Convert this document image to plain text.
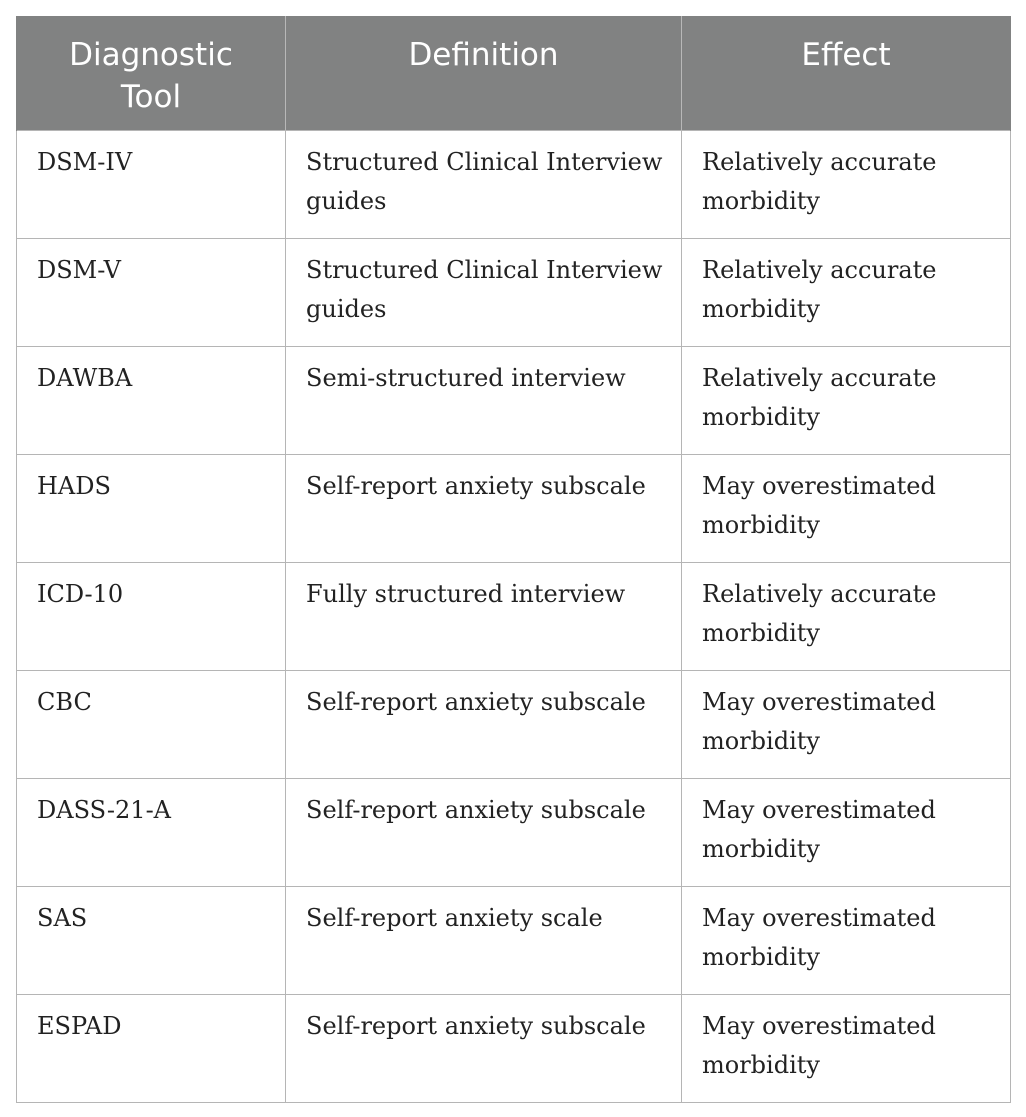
Diagnostic Tool	Definition	Effect
DSM-IV	Structured Clinical Interview guides	Relatively accurate morbidity
DSM-V	Structured Clinical Interview guides	Relatively accurate morbidity
DAWBA	Semi-structured interview	Relatively accurate morbidity
HADS	Self-report anxiety subscale	May overestimated morbidity
ICD-10	Fully structured interview	Relatively accurate morbidity
CBC	Self-report anxiety subscale	May overestimated morbidity
DASS-21-A	Self-report anxiety subscale	May overestimated morbidity
SAS	Self-report anxiety scale	May overestimated morbidity
ESPAD	Self-report anxiety subscale	May overestimated morbidity
